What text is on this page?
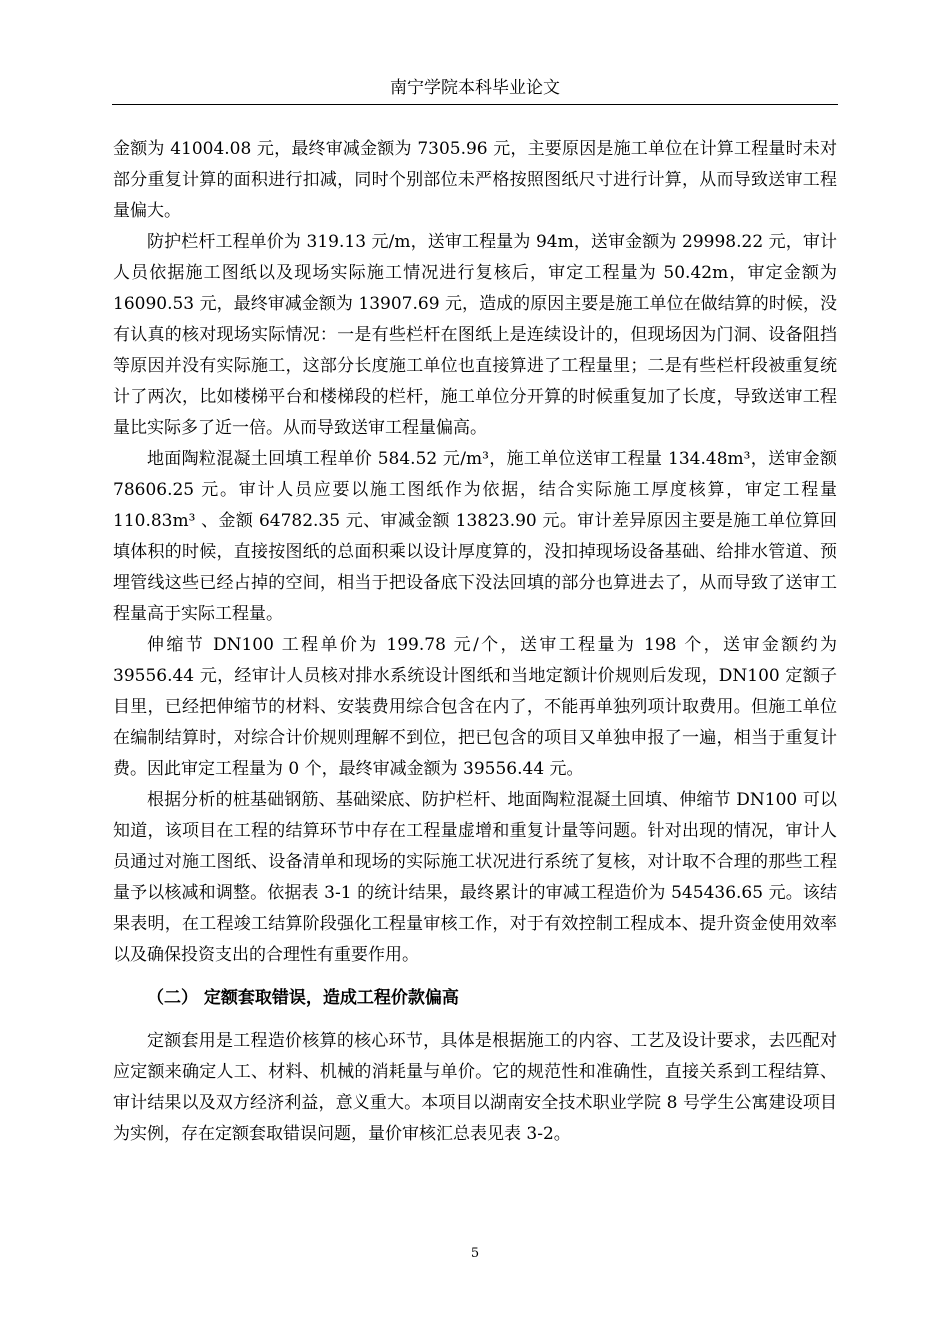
南宁学院本科毕业论文

金额为 41004.08 元，最终审减金额为 7305.96 元，主要原因是施工单位在计算工程量时未对部分重复计算的面积进行扣减，同时个别部位未严格按照图纸尺寸进行计算，从而导致送审工程量偏大。

防护栏杆工程单价为 319.13 元/m，送审工程量为 94m，送审金额为 29998.22 元，审计人员依据施工图纸以及现场实际施工情况进行复核后，审定工程量为 50.42m，审定金额为 16090.53 元，最终审减金额为 13907.69 元，造成的原因主要是施工单位在做结算的时候，没有认真的核对现场实际情况：一是有些栏杆在图纸上是连续设计的，但现场因为门洞、设备阻挡等原因并没有实际施工，这部分长度施工单位也直接算进了工程量里；二是有些栏杆段被重复统计了两次，比如楼梯平台和楼梯段的栏杆，施工单位分开算的时候重复加了长度，导致送审工程量比实际多了近一倍。从而导致送审工程量偏高。

地面陶粒混凝土回填工程单价 584.52 元/m³，施工单位送审工程量 134.48m³，送审金额 78606.25 元。审计人员应要以施工图纸作为依据，结合实际施工厚度核算，审定工程量 110.83m³ 、金额 64782.35 元、审减金额 13823.90 元。审计差异原因主要是施工单位算回填体积的时候，直接按图纸的总面积乘以设计厚度算的，没扣掉现场设备基础、给排水管道、预埋管线这些已经占掉的空间，相当于把设备底下没法回填的部分也算进去了，从而导致了送审工程量高于实际工程量。

伸缩节 DN100 工程单价为 199.78 元/个，送审工程量为 198 个，送审金额约为 39556.44 元，经审计人员核对排水系统设计图纸和当地定额计价规则后发现，DN100 定额子目里，已经把伸缩节的材料、安装费用综合包含在内了，不能再单独列项计取费用。但施工单位在编制结算时，对综合计价规则理解不到位，把已包含的项目又单独申报了一遍，相当于重复计费。因此审定工程量为 0 个，最终审减金额为 39556.44 元。

根据分析的桩基础钢筋、基础梁底、防护栏杆、地面陶粒混凝土回填、伸缩节 DN100 可以知道，该项目在工程的结算环节中存在工程量虚增和重复计量等问题。针对出现的情况，审计人员通过对施工图纸、设备清单和现场的实际施工状况进行系统了复核，对计取不合理的那些工程量予以核减和调整。依据表 3-1 的统计结果，最终累计的审减工程造价为 545436.65 元。该结果表明，在工程竣工结算阶段强化工程量审核工作，对于有效控制工程成本、提升资金使用效率以及确保投资支出的合理性有重要作用。

（二） 定额套取错误，造成工程价款偏高

定额套用是工程造价核算的核心环节，具体是根据施工的内容、工艺及设计要求，去匹配对应定额来确定人工、材料、机械的消耗量与单价。它的规范性和准确性，直接关系到工程结算、审计结果以及双方经济利益，意义重大。本项目以湖南安全技术职业学院 8 号学生公寓建设项目为实例，存在定额套取错误问题，量价审核汇总表见表 3-2。

5
